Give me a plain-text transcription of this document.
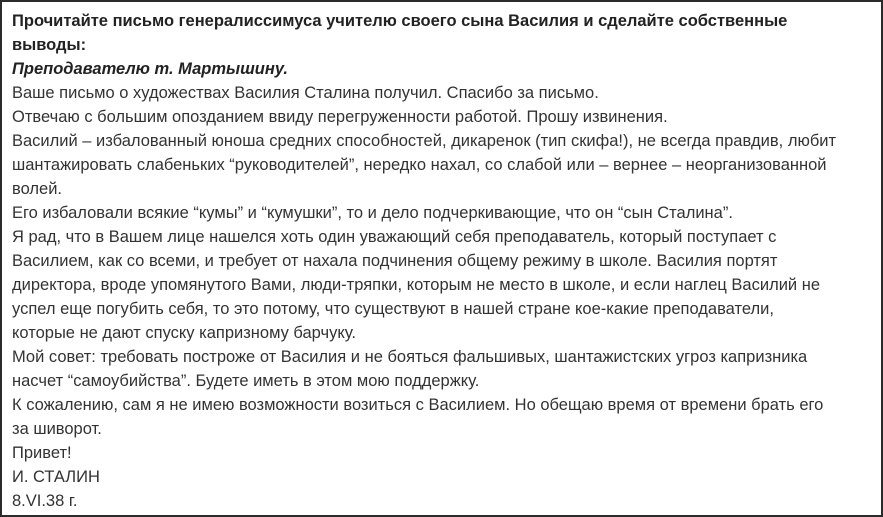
Прочитайте письмо генералиссимуса учителю своего сына Василия и сделайте собственные
выводы:
Преподавателю т. Мартышину.
Ваше письмо о художествах Василия Сталина получил. Спасибо за письмо.
Отвечаю с большим опозданием ввиду перегруженности работой. Прошу извинения.
Василий – избалованный юноша средних способностей, дикаренок (тип скифа!), не всегда правдив, любит
шантажировать слабеньких “руководителей”, нередко нахал, со слабой или – вернее – неорганизованной
волей.
Его избаловали всякие “кумы” и “кумушки”, то и дело подчеркивающие, что он “сын Сталина”.
Я рад, что в Вашем лице нашелся хоть один уважающий себя преподаватель, который поступает с
Василием, как со всеми, и требует от нахала подчинения общему режиму в школе. Василия портят
директора, вроде упомянутого Вами, люди-тряпки, которым не место в школе, и если наглец Василий не
успел еще погубить себя, то это потому, что существуют в нашей стране кое-какие преподаватели,
которые не дают спуску капризному барчуку.
Мой совет: требовать построже от Василия и не бояться фальшивых, шантажистских угроз капризника
насчет “самоубийства”. Будете иметь в этом мою поддержку.
К сожалению, сам я не имею возможности возиться с Василием. Но обещаю время от времени брать его
за шиворот.
Привет!
И. СТАЛИН
8.VI.38 г.
